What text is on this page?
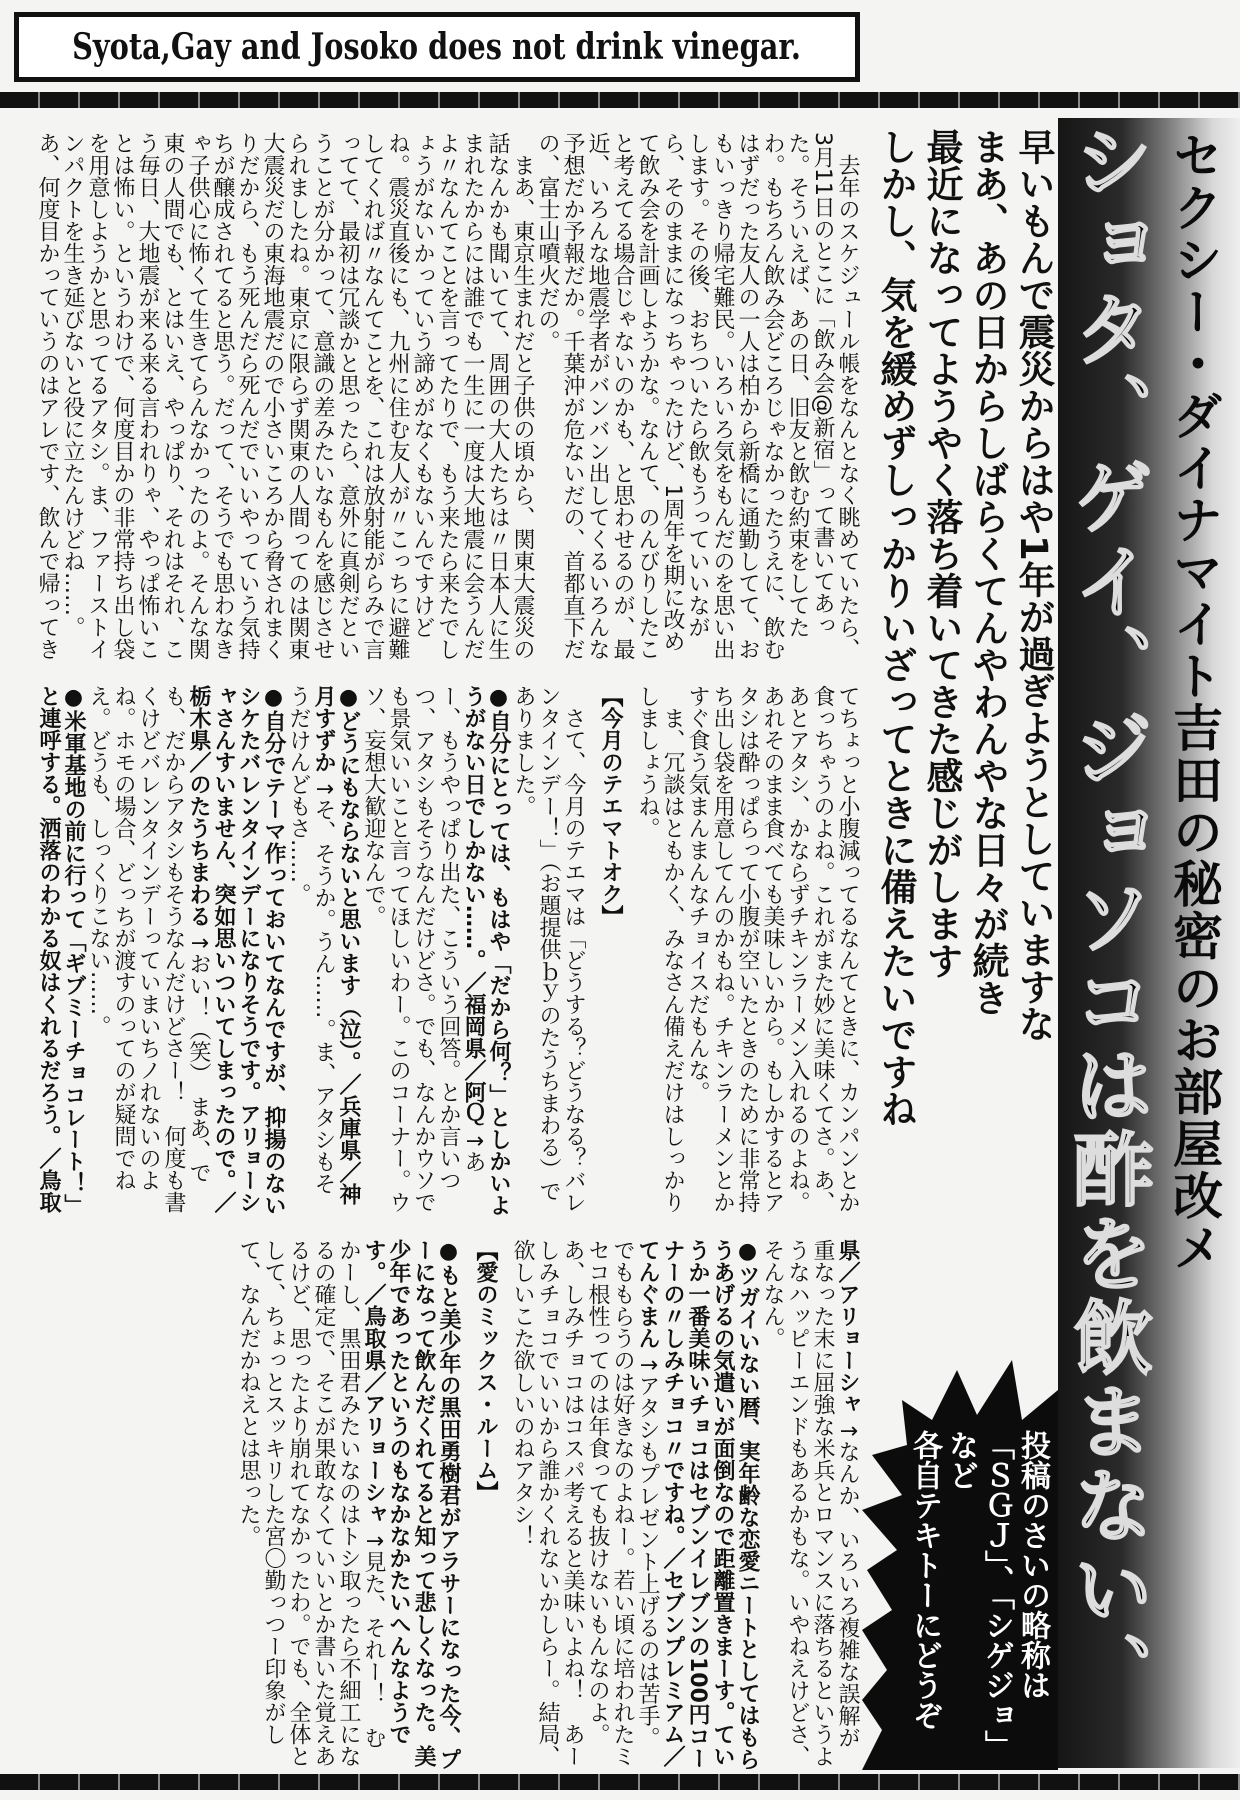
Syota,Gay and Josoko does not drink vinegar.
ショタ、ゲイ、ジョソコは酢を飲まない、 セクシー・ダイナマイト吉田の秘密のお部屋改メ
早いもんで震災からはや1年が過ぎようとしていますな
まあ、あの日からしばらくてんやわんやな日々が続き
最近になってようやく落ち着いてきた感じがします
しかし、気を緩めずしっかりいざってときに備えたいですね

去年のスケジュール帳をなんとなく眺めていたら、3月11日のとこに「飲み会@新宿」って書いてあった。そういえば、あの日、旧友と飲む約束をしてたわ。もちろん飲み会どころじゃなかったうえに、飲むはずだった友人の一人は柏から新橋に通勤してて、おもいっきり帰宅難民。いろいろ気をもんだのを思い出します。その後、おちついたら飲もうっていいながら、そのままになっちゃったけど、1周年を期に改めて飲み会を計画しようかな。なんて、のんびりしたこと考えてる場合じゃないのかも、と思わせるのが、最近、いろんな地震学者がバンバン出してくるいろんな予想だか予報だか。千葉沖が危ないだの、首都直下だの、富士山噴火だの。

まあ、東京生まれだと子供の頃から、関東大震災の話なんかも聞いてて、周囲の大人たちは〃日本人に生まれたからには誰でも一生に一度は大地震に会うんだよ〃なんてことを言ってたりで、もう来たら来たでしょうがないかっていう諦めがなくもないんですけどね。震災直後にも、九州に住む友人が〃こっちに避難してくれば〃なんてことを、これは放射能がらみで言ってて、最初は冗談かと思ったら、意外に真剣だということが分かって、意識の差みたいなもんを感じさせられましたね。東京に限らず関東の人間ってのは関東大震災だの東海地震だので小さいころから脅されまくりだから、もう死んだら死んだでいいやっていう気持ちが醸成されてると思う。だって、そうでも思わなきゃ子供心に怖くて生きてらんなかったのよ。そんな関東の人間でも、とはいえ、やっぱり、それはそれ、こう毎日、大地震が来る来る言われりゃ、やっぱ怖いことは怖い。というわけで、何度目かの非常持ち出し袋を用意しようかと思ってるアタシ。ま、ファーストインパクトを生き延びないと役に立たんけどね……。あ、何度目かっていうのはアレです、飲んで帰ってきてちょっと小腹減ってるなんてときに、カンパンとか食っちゃうのよね。これがまた妙に美味くてさ。あ、あとアタシ、かならずチキンラーメン入れるのよね。あれそのまま食べても美味しいから。もしかするとアタシは酔っぱらって小腹が空いたときのために非常持ち出し袋を用意してんのかもね。チキンラーメンとかすぐ食う気まんまんなチョイスだもんな。

ま、冗談はともかく、みなさん備えだけはしっかりしましょうね。

【今月のテエマトオク】

さて、今月のテエマは「どうする？どうなる？バレンタインデー！」（お題提供ｂｙのたうちまわる）でありました。

●自分にとっては、もはや「だから何？」としかいようがない日でしかない……。／福岡県／阿Ｑ ↑あー、もうやっぱり出た、こういう回答。とか言いつつ、アタシもそうなんだけどさ。でも、なんかウソでも景気いいこと言ってほしいわー。このコーナー。ウソ、妄想大歓迎なんで。

●どうにもならないと思います（泣）。／兵庫県／神月すずか ↑そ、そうか。うん……。ま、アタシもそうだけんどもさ……。

●自分でテーマ作っておいてなんですが、抑揚のないシケたバレンタインデーになりそうです。アリョーシャさんすいません、突如思いついてしまったので。／栃木県／のたうちまわる ↑おい！（笑）　まあ、でも、だからアタシもそうなんだけどさー！　何度も書くけどバレンタインデーっていまいちノれないのよね。ホモの場合、どっちが渡すのってのが疑問でねえ。どうも、しっくりこない……。

●米軍基地の前に行って「ギブミーチョコレート！」と連呼する。洒落のわかる奴はくれるだろう。／鳥取県／アリョーシャ ↑なんか、いろいろ複雑な誤解が重なった末に屈強な米兵とロマンスに落ちるというようなハッピーエンドもあるかもな。いやねえけどさ、そんなん。

●ツガイいない暦、実年齢な恋愛ニートとしてはもらうあげるの気遣いが面倒なので距離置きまーす。ていうか一番美味いチョコはセブンイレブンの100円コーナーの〃しみチョコ〃ですね。／セブンプレミアム／てんぐまん ↑アタシもプレゼント上げるのは苦手。でももらうのは好きなのよねー。若い頃に培われたミセコ根性ってのは年食っても抜けないもんなのよ。あ、しみチョコはコスパ考えると美味いよね！　あーしみチョコでいいから誰かくれないかしらー。結局、欲しいこた欲しいのねアタシ！

【愛のミックス・ルーム】

●もと美少年の黒田勇樹君がアラサーになった今、プーになって飲んだくれてると知って悲しくなった。美少年であったというのもなかなかたいへんなようです。／鳥取県／アリョーシャ ↑見た、それー！　むかーし、黒田君みたいなのはトシ取ったら不細工になるの確定で、そこが果敢なくていいとか書いた覚えあるけど、思ったより崩れてなかったわ。でも、全体として、ちょっとスッキリした宮〇勤っつー印象がして、なんだかねえとは思った。

投稿のさいの略称は
「ＳＧＪ」、「シゲジョ」など
各自テキトーにどうぞ
